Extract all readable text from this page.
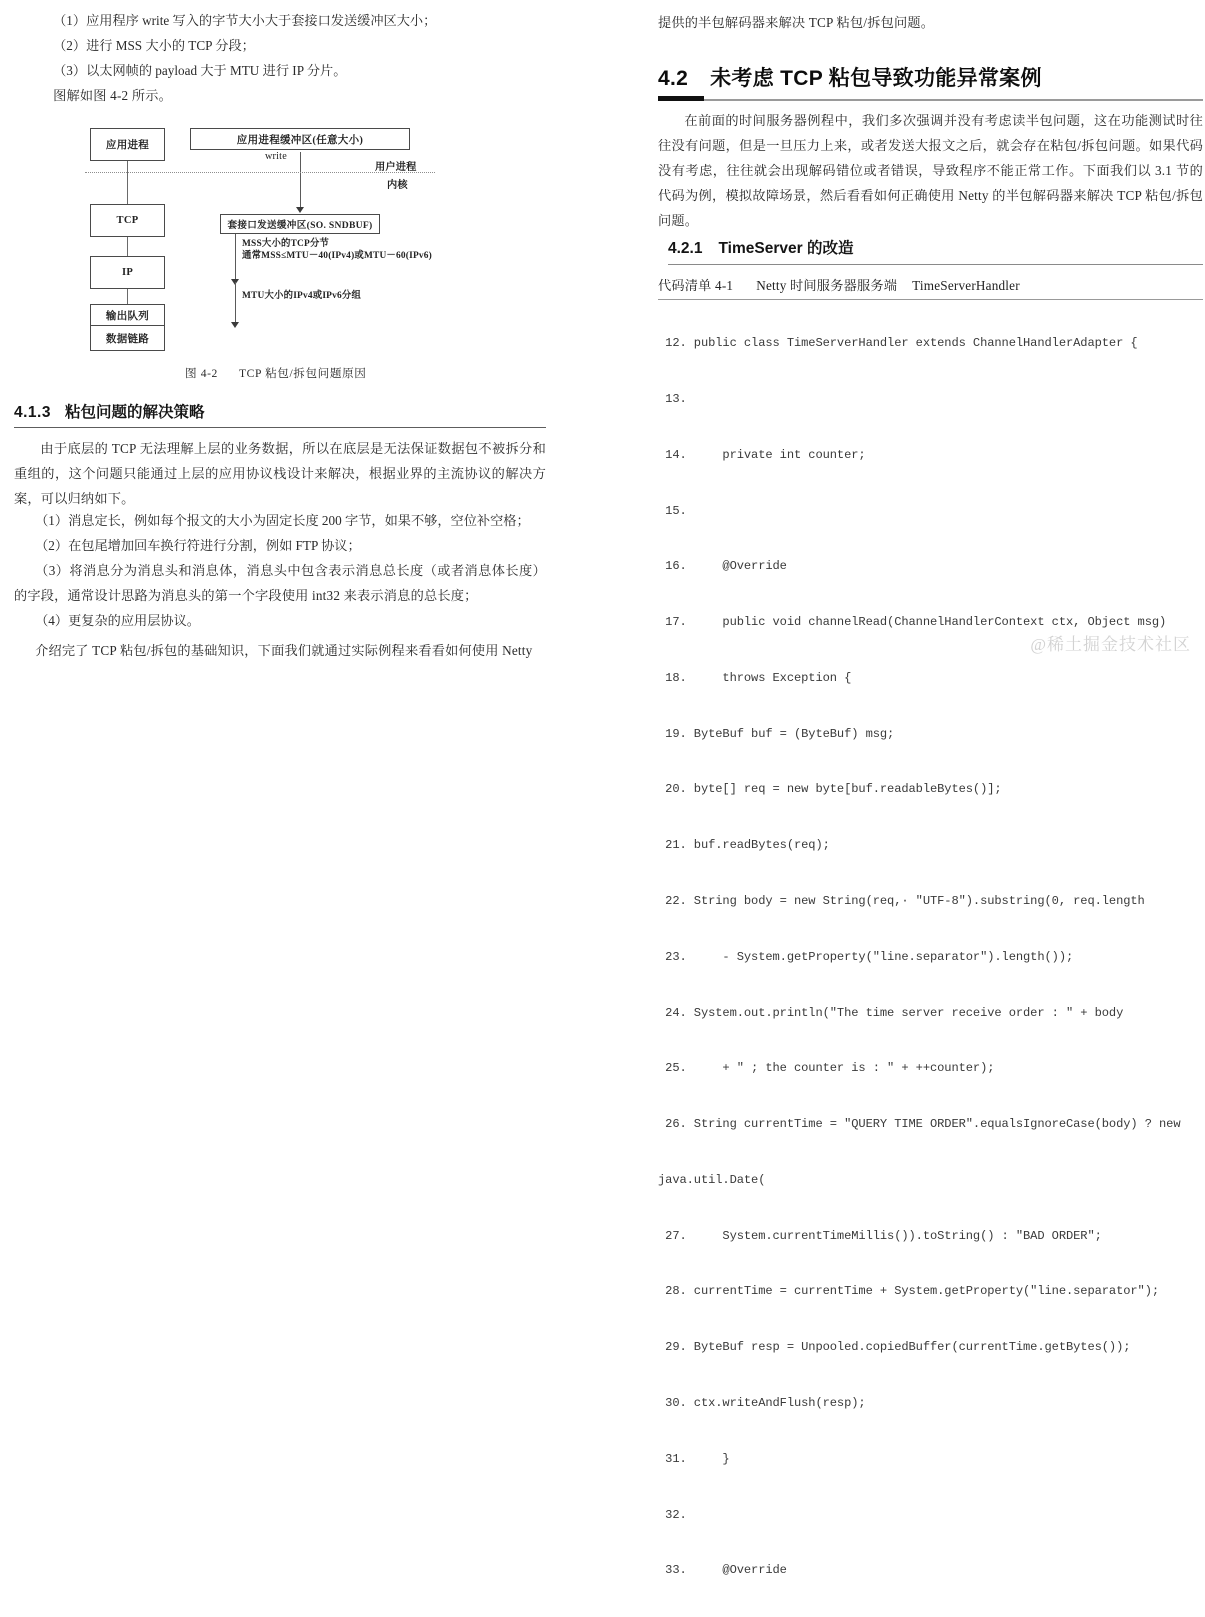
（1）应用程序 write 写入的字节大小大于套接口发送缓冲区大小；
（2）进行 MSS 大小的 TCP 分段；
（3）以太网帧的 payload 大于 MTU 进行 IP 分片。
图解如图 4-2 所示。
应用进程
TCP
IP
输出队列
数据链路
应用进程缓冲区(任意大小)
write
套接口发送缓冲区(SO. SNDBUF)
MSS大小的TCP分节
通常MSS≤MTU－40(IPv4)或MTU－60(IPv6)
MTU大小的IPv4或IPv6分组
用户进程
内核
图 4-2 TCP 粘包/拆包问题原因
4.1.3 粘包问题的解决策略
由于底层的 TCP 无法理解上层的业务数据，所以在底层是无法保证数据包不被拆分和重组的，这个问题只能通过上层的应用协议栈设计来解决，根据业界的主流协议的解决方案，可以归纳如下。
（1）消息定长，例如每个报文的大小为固定长度 200 字节，如果不够，空位补空格；
（2）在包尾增加回车换行符进行分割，例如 FTP 协议；
（3）将消息分为消息头和消息体，消息头中包含表示消息总长度（或者消息体长度）的字段，通常设计思路为消息头的第一个字段使用 int32 来表示消息的总长度；
（4）更复杂的应用层协议。
介绍完了 TCP 粘包/拆包的基础知识，下面我们就通过实际例程来看看如何使用 Netty
提供的半包解码器来解决 TCP 粘包/拆包问题。
4.2 未考虑 TCP 粘包导致功能异常案例
在前面的时间服务器例程中，我们多次强调并没有考虑读半包问题，这在功能测试时往往没有问题，但是一旦压力上来，或者发送大报文之后，就会存在粘包/拆包问题。如果代码没有考虑，往往就会出现解码错位或者错误，导致程序不能正常工作。下面我们以 3.1 节的代码为例，模拟故障场景，然后看看如何正确使用 Netty 的半包解码器来解决 TCP 粘包/拆包问题。
4.2.1 TimeServer 的改造
代码清单 4-1 Netty 时间服务器服务端 TimeServerHandler

12. public class TimeServerHandler extends ChannelHandlerAdapter {

13.

14.     private int counter;

15.

16.     @Override

17.     public void channelRead(ChannelHandlerContext ctx, Object msg)

18.     throws Exception {

19. ByteBuf buf = (ByteBuf) msg;

20. byte[] req = new byte[buf.readableBytes()];

21. buf.readBytes(req);

22. String body = new String(req,· "UTF-8").substring(0, req.length

23.     - System.getProperty("line.separator").length());

24. System.out.println("The time server receive order : " + body

25.     + " ; the counter is : " + ++counter);

26. String currentTime = "QUERY TIME ORDER".equalsIgnoreCase(body) ? new

java.util.Date(

27.     System.currentTimeMillis()).toString() : "BAD ORDER";

28. currentTime = currentTime + System.getProperty("line.separator");

29. ByteBuf resp = Unpooled.copiedBuffer(currentTime.getBytes());

30. ctx.writeAndFlush(resp);

31.     }

32.

33.     @Override

@稀土掘金技术社区
